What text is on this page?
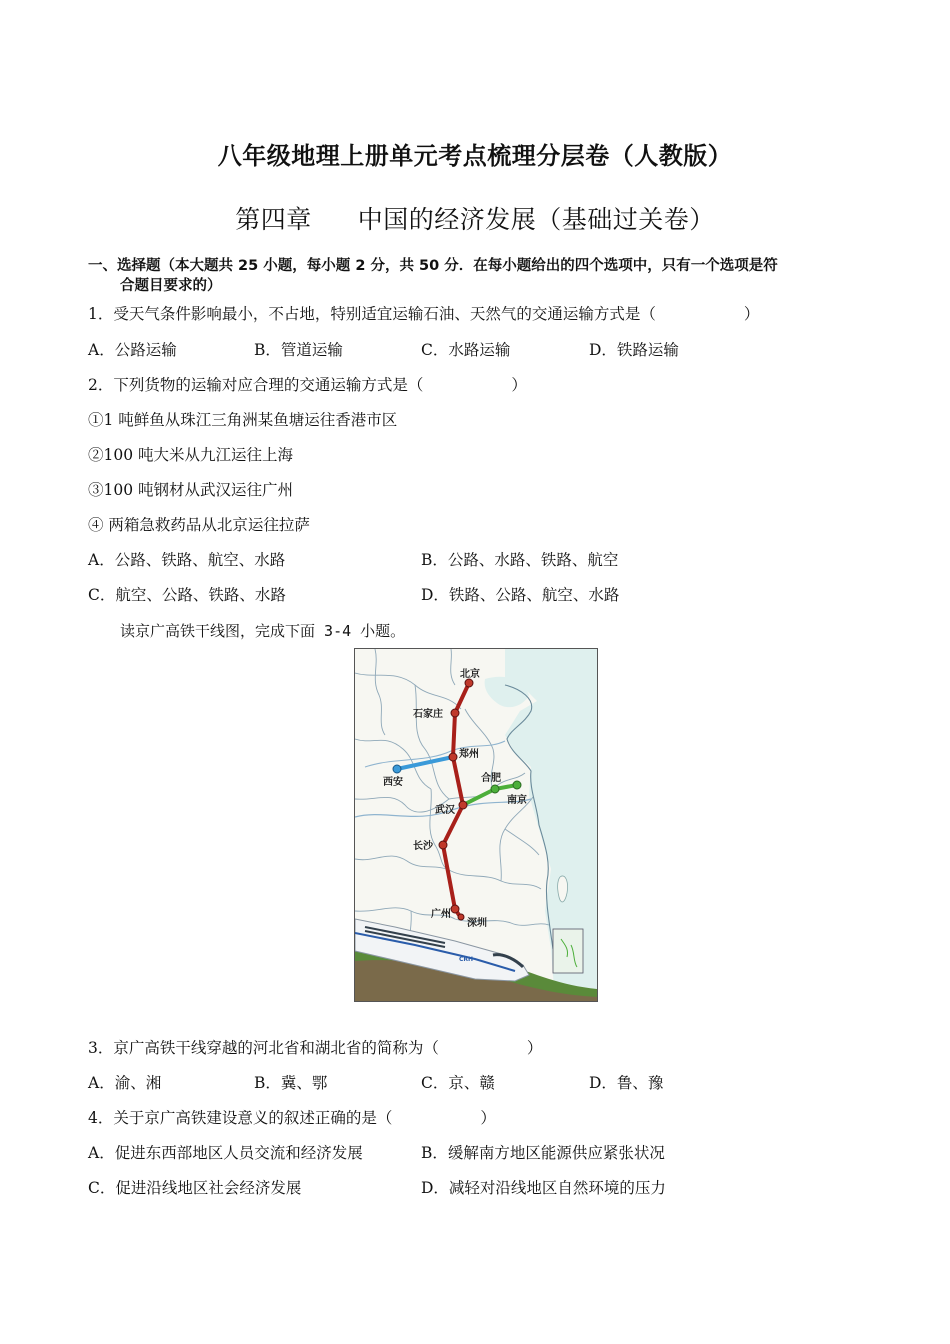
八年级地理上册单元考点梳理分层卷（人教版）
第四章 中国的经济发展（基础过关卷）
一、选择题（本大题共 25 小题，每小题 2 分，共 50 分．在每小题给出的四个选项中，只有一个选项是符
合题目要求的）
1．受天气条件影响最小，不占地，特别适宜运输石油、天然气的交通运输方式是（	）
A．公路运输	B．管道运输	C．水路运输	D．铁路运输
2．下列货物的运输对应合理的交通运输方式是（	）
①1 吨鲜鱼从珠江三角洲某鱼塘运往香港市区
②100 吨大米从九江运往上海
③100 吨钢材从武汉运往广州
④ 两箱急救药品从北京运往拉萨
A．公路、铁路、航空、水路	B．公路、水路、铁路、航空
C．航空、公路、铁路、水路	D．铁路、公路、航空、水路
读京广高铁干线图，完成下面 3-4 小题。
北京
石家庄
郑州
西安	合肥
南京
武汉
长沙
广州
深圳
CRH
3．京广高铁干线穿越的河北省和湖北省的简称为（	）
A．渝、湘	B．冀、鄂	C．京、赣	D．鲁、豫
4．关于京广高铁建设意义的叙述正确的是（	）
A．促进东西部地区人员交流和经济发展	B．缓解南方地区能源供应紧张状况
C．促进沿线地区社会经济发展	D．减轻对沿线地区自然环境的压力
